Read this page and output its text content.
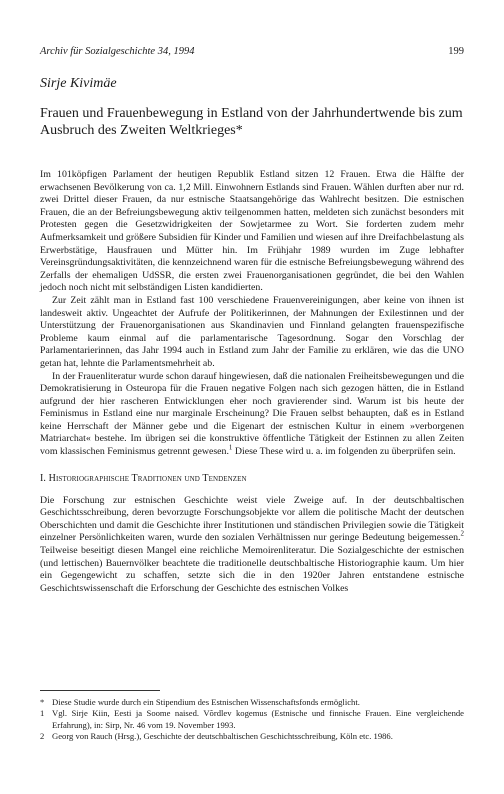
Archiv für Sozialgeschichte 34, 1994	199
Sirje Kivimäe
Frauen und Frauenbewegung in Estland von der Jahrhundertwende bis zum Ausbruch des Zweiten Weltkrieges*

Im 101köpfigen Parlament der heutigen Republik Estland sitzen 12 Frauen. Etwa die Hälfte der erwachsenen Bevölkerung von ca. 1,2 Mill. Einwohnern Estlands sind Frauen. Wählen durften aber nur rd. zwei Drittel dieser Frauen, da nur estnische Staatsangehörige das Wahlrecht besitzen. Die estnischen Frauen, die an der Befreiungsbewegung aktiv teilgenommen hatten, meldeten sich zunächst besonders mit Protesten gegen die Gesetzwidrigkeiten der Sowjetarmee zu Wort. Sie forderten zudem mehr Aufmerksamkeit und größere Subsidien für Kinder und Familien und wiesen auf ihre Dreifachbelastung als Erwerbstätige, Hausfrauen und Mütter hin. Im Frühjahr 1989 wurden im Zuge lebhafter Vereinsgründungsaktivitäten, die kennzeichnend waren für die estnische Befreiungsbewegung während des Zerfalls der ehemaligen UdSSR, die ersten zwei Frauenorganisationen gegründet, die bei den Wahlen jedoch noch nicht mit selbständigen Listen kandidierten.

Zur Zeit zählt man in Estland fast 100 verschiedene Frauenvereinigungen, aber keine von ihnen ist landesweit aktiv. Ungeachtet der Aufrufe der Politikerinnen, der Mahnungen der Exilestinnen und der Unterstützung der Frauenorganisationen aus Skandinavien und Finnland gelangten frauenspezifische Probleme kaum einmal auf die parlamentarische Tagesordnung. Sogar den Vorschlag der Parlamentarierinnen, das Jahr 1994 auch in Estland zum Jahr der Familie zu erklären, wie das die UNO getan hat, lehnte die Parlamentsmehrheit ab.

In der Frauenliteratur wurde schon darauf hingewiesen, daß die nationalen Freiheitsbewegungen und die Demokratisierung in Osteuropa für die Frauen negative Folgen nach sich gezogen hätten, die in Estland aufgrund der hier rascheren Entwicklungen eher noch gravierender sind. Warum ist bis heute der Feminismus in Estland eine nur marginale Erscheinung? Die Frauen selbst behaupten, daß es in Estland keine Herrschaft der Männer gebe und die Eigenart der estnischen Kultur in einem »verborgenen Matriarchat« bestehe. Im übrigen sei die konstruktive öffentliche Tätigkeit der Estinnen zu allen Zeiten vom klassischen Feminismus getrennt gewesen.$^1$ Diese These wird u. a. im folgenden zu überprüfen sein.

I. Historiographische Traditionen und Tendenzen

Die Forschung zur estnischen Geschichte weist viele Zweige auf. In der deutschbaltischen Geschichtsschreibung, deren bevorzugte Forschungsobjekte vor allem die politische Macht der deutschen Oberschichten und damit die Geschichte ihrer Institutionen und ständischen Privilegien sowie die Tätigkeit einzelner Persönlichkeiten waren, wurde den sozialen Verhältnissen nur geringe Bedeutung beigemessen.$^2$ Teilweise beseitigt diesen Mangel eine reichliche Memoirenliteratur. Die Sozialgeschichte der estnischen (und lettischen) Bauernvölker beachtete die traditionelle deutschbaltische Historiographie kaum. Um hier ein Gegengewicht zu schaffen, setzte sich die in den 1920er Jahren entstandene estnische Geschichtswissenschaft die Erforschung der Geschichte des estnischen Volkes

* Diese Studie wurde durch ein Stipendium des Estnischen Wissenschaftsfonds ermöglicht.
1 Vgl. Sirje Kiin, Eesti ja Soome naised. Võrdlev kogemus (Estnische und finnische Frauen. Eine vergleichende Erfahrung), in: Sirp, Nr. 46 vom 19. November 1993.
2 Georg von Rauch (Hrsg.), Geschichte der deutschbaltischen Geschichtsschreibung, Köln etc. 1986.
